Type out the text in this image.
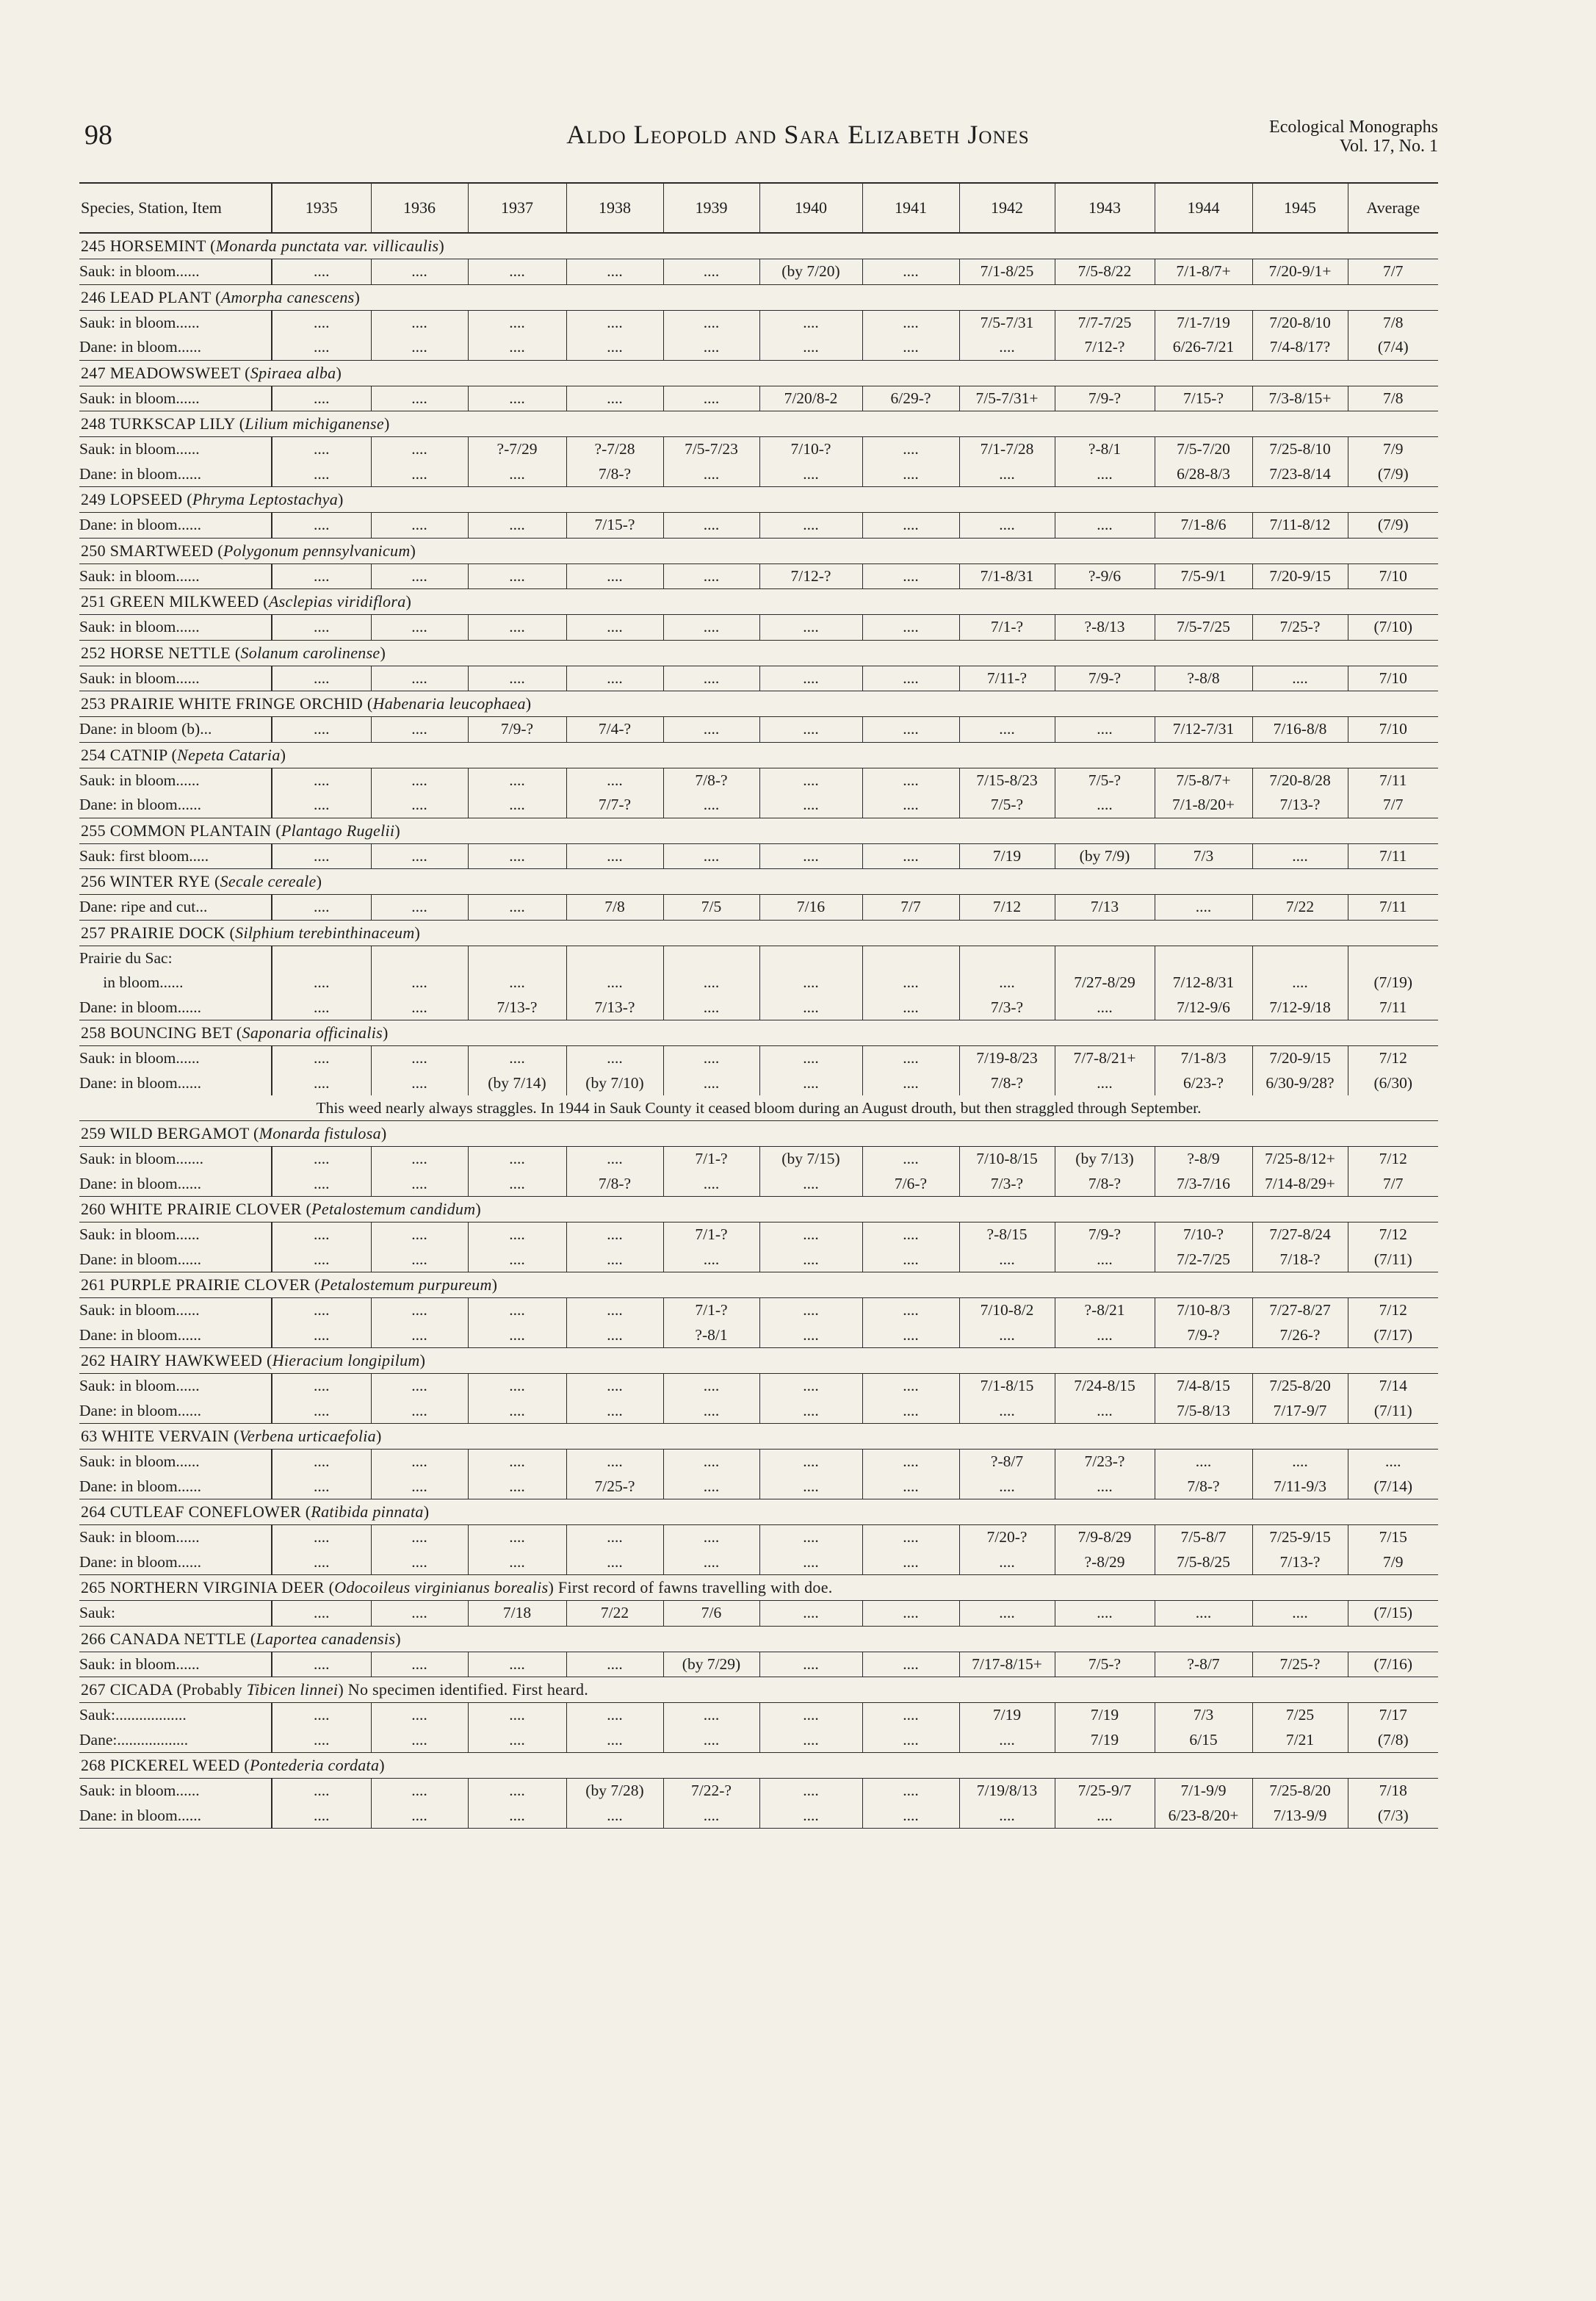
98	Aldo Leopold and Sara Elizabeth Jones	Ecological Monographs
Vol. 17, No. 1
Species, Station, Item	1935	1936	1937	1938	1939	1940	1941	1942	1943	1944	1945	Average
245 HORSEMINT (Monarda punctata var. villicaulis)												
Sauk: in bloom......	....	....	....	....	....	(by 7/20)	....	7/1-8/25	7/5-8/22	7/1-8/7+	7/20-9/1+	7/7
246 LEAD PLANT (Amorpha canescens)												
Sauk: in bloom......	....	....	....	....	....	....	....	7/5-7/31	7/7-7/25	7/1-7/19	7/20-8/10	7/8
Dane: in bloom......	....	....	....	....	....	....	....	....	7/12-?	6/26-7/21	7/4-8/17?	(7/4)
247 MEADOWSWEET (Spiraea alba)												
Sauk: in bloom......	....	....	....	....	....	7/20/8-2	6/29-?	7/5-7/31+	7/9-?	7/15-?	7/3-8/15+	7/8
248 TURKSCAP LILY (Lilium michiganense)												
Sauk: in bloom......	....	....	?-7/29	?-7/28	7/5-7/23	7/10-?	....	7/1-7/28	?-8/1	7/5-7/20	7/25-8/10	7/9
Dane: in bloom......	....	....	....	7/8-?	....	....	....	....	....	6/28-8/3	7/23-8/14	(7/9)
249 LOPSEED (Phryma Leptostachya)												
Dane: in bloom......	....	....	....	7/15-?	....	....	....	....	....	7/1-8/6	7/11-8/12	(7/9)
250 SMARTWEED (Polygonum pennsylvanicum)												
Sauk: in bloom......	....	....	....	....	....	7/12-?	....	7/1-8/31	?-9/6	7/5-9/1	7/20-9/15	7/10
251 GREEN MILKWEED (Asclepias viridiflora)												
Sauk: in bloom......	....	....	....	....	....	....	....	7/1-?	?-8/13	7/5-7/25	7/25-?	(7/10)
252 HORSE NETTLE (Solanum carolinense)												
Sauk: in bloom......	....	....	....	....	....	....	....	7/11-?	7/9-?	?-8/8	....	7/10
253 PRAIRIE WHITE FRINGE ORCHID (Habenaria leucophaea)												
Dane: in bloom (b)...	....	....	7/9-?	7/4-?	....	....	....	....	....	7/12-7/31	7/16-8/8	7/10
254 CATNIP (Nepeta Cataria)												
Sauk: in bloom......	....	....	....	....	7/8-?	....	....	7/15-8/23	7/5-?	7/5-8/7+	7/20-8/28	7/11
Dane: in bloom......	....	....	....	7/7-?	....	....	....	7/5-?	....	7/1-8/20+	7/13-?	7/7
255 COMMON PLANTAIN (Plantago Rugelii)												
Sauk: first bloom.....	....	....	....	....	....	....	....	7/19	(by 7/9)	7/3	....	7/11
256 WINTER RYE (Secale cereale)												
Dane: ripe and cut...	....	....	....	7/8	7/5	7/16	7/7	7/12	7/13	....	7/22	7/11
257 PRAIRIE DOCK (Silphium terebinthinaceum)												
Prairie du Sac:												
in bloom......	....	....	....	....	....	....	....	....	7/27-8/29	7/12-8/31	....	(7/19)
Dane: in bloom......	....	....	7/13-?	7/13-?	....	....	....	7/3-?	....	7/12-9/6	7/12-9/18	7/11
258 BOUNCING BET (Saponaria officinalis)												
Sauk: in bloom......	....	....	....	....	....	....	....	7/19-8/23	7/7-8/21+	7/1-8/3	7/20-9/15	7/12
Dane: in bloom......	....	....	(by 7/14)	(by 7/10)	....	....	....	7/8-?	....	6/23-?	6/30-9/28?	(6/30)
This weed nearly always straggles. In 1944 in Sauk County it ceased bloom during an August drouth, but then straggled through September.												
259 WILD BERGAMOT (Monarda fistulosa)												
Sauk: in bloom.......	....	....	....	....	7/1-?	(by 7/15)	....	7/10-8/15	(by 7/13)	?-8/9	7/25-8/12+	7/12
Dane: in bloom......	....	....	....	7/8-?	....	....	7/6-?	7/3-?	7/8-?	7/3-7/16	7/14-8/29+	7/7
260 WHITE PRAIRIE CLOVER (Petalostemum candidum)												
Sauk: in bloom......	....	....	....	....	7/1-?	....	....	?-8/15	7/9-?	7/10-?	7/27-8/24	7/12
Dane: in bloom......	....	....	....	....	....	....	....	....	....	7/2-7/25	7/18-?	(7/11)
261 PURPLE PRAIRIE CLOVER (Petalostemum purpureum)												
Sauk: in bloom......	....	....	....	....	7/1-?	....	....	7/10-8/2	?-8/21	7/10-8/3	7/27-8/27	7/12
Dane: in bloom......	....	....	....	....	?-8/1	....	....	....	....	7/9-?	7/26-?	(7/17)
262 HAIRY HAWKWEED (Hieracium longipilum)												
Sauk: in bloom......	....	....	....	....	....	....	....	7/1-8/15	7/24-8/15	7/4-8/15	7/25-8/20	7/14
Dane: in bloom......	....	....	....	....	....	....	....	....	....	7/5-8/13	7/17-9/7	(7/11)
63 WHITE VERVAIN (Verbena urticaefolia)												
Sauk: in bloom......	....	....	....	....	....	....	....	?-8/7	7/23-?	....	....	....
Dane: in bloom......	....	....	....	7/25-?	....	....	....	....	....	7/8-?	7/11-9/3	(7/14)
264 CUTLEAF CONEFLOWER (Ratibida pinnata)												
Sauk: in bloom......	....	....	....	....	....	....	....	7/20-?	7/9-8/29	7/5-8/7	7/25-9/15	7/15
Dane: in bloom......	....	....	....	....	....	....	....	....	?-8/29	7/5-8/25	7/13-?	7/9
265 NORTHERN VIRGINIA DEER (Odocoileus virginianus borealis) First record of fawns travelling with doe.												
Sauk:	....	....	7/18	7/22	7/6	....	....	....	....	....	....	(7/15)
266 CANADA NETTLE (Laportea canadensis)												
Sauk: in bloom......	....	....	....	....	(by 7/29)	....	....	7/17-8/15+	7/5-?	?-8/7	7/25-?	(7/16)
267 CICADA (Probably Tibicen linnei) No specimen identified. First heard.												
Sauk:..................	....	....	....	....	....	....	....	7/19	7/19	7/3	7/25	7/17
Dane:..................	....	....	....	....	....	....	....	....	7/19	6/15	7/21	(7/8)
268 PICKEREL WEED (Pontederia cordata)												
Sauk: in bloom......	....	....	....	(by 7/28)	7/22-?	....	....	7/19/8/13	7/25-9/7	7/1-9/9	7/25-8/20	7/18
Dane: in bloom......	....	....	....	....	....	....	....	....	....	6/23-8/20+	7/13-9/9	(7/3)
